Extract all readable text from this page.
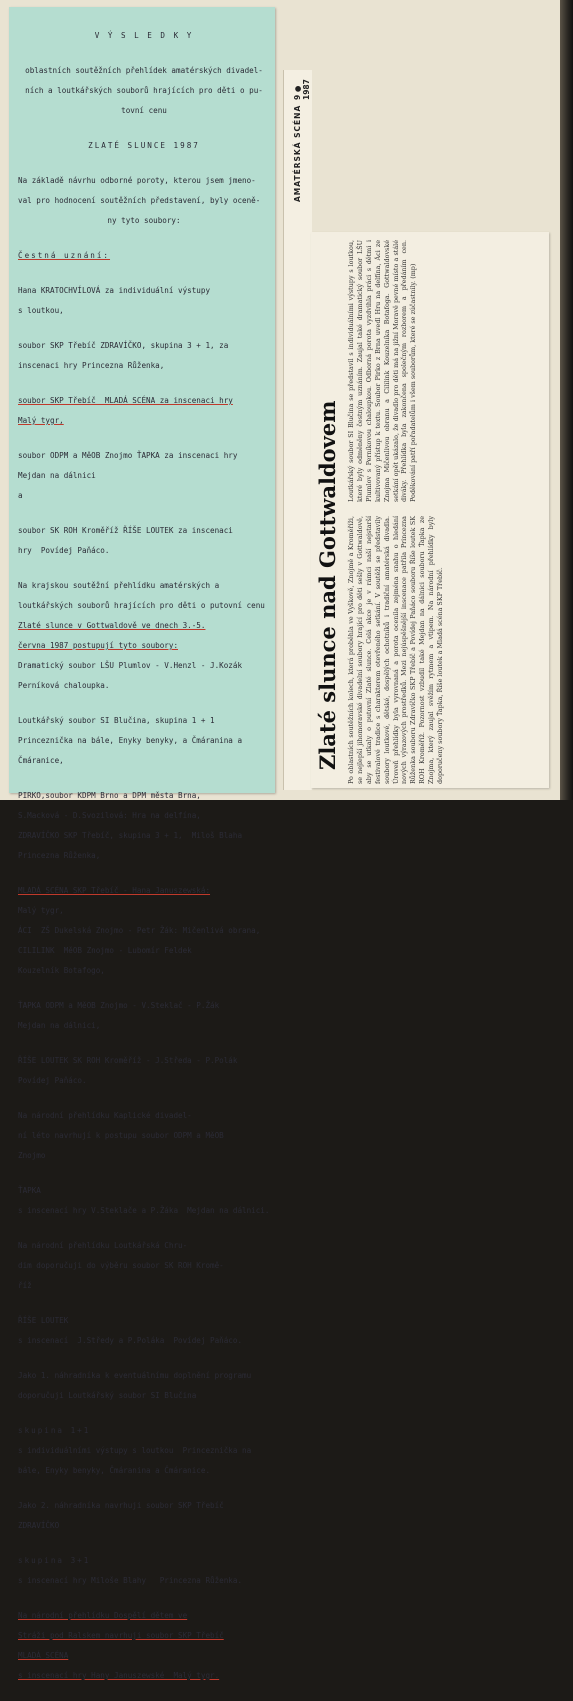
V Ý S L E D K Y

oblastních soutěžních přehlídek amatérských divadel-

ních a loutkářských souborů hrajících pro děti o pu-

tovní cenu

ZLATÉ SLUNCE 1987

Na základě návrhu odborné poroty, kterou jsem jmeno-

val pro hodnocení soutěžních představení, byly oceně-

ny tyto soubory:

Čestná uznání:

Hana KRATOCHVÍLOVÁ za individuální výstupy

s loutkou,

soubor SKP Třebíč ZDRAVÍČKO, skupina 3 + 1, za

inscenaci hry Princezna Růženka,

soubor SKP Třebíč  MLADÁ SCÉNA za inscenaci hry

Malý tygr,

soubor ODPM a MěOB Znojmo ŤAPKA za inscenaci hry

Mejdan na dálnici

a

soubor SK ROH Kroměříž ŘÍŠE LOUTEK za inscenaci

hry  Povídej Paňáco.

Na krajskou soutěžní přehlídku amatérských a

loutkářských souborů hrajících pro děti o putovní cenu

Zlaté slunce v Gottwaldově ve dnech 3.-5.

června 1987 postupují tyto soubory:

Dramatický soubor LŠU Plumlov - V.Henzl - J.Kozák

Perníková chaloupka.

Loutkářský soubor SI Blučina, skupina 1 + 1

Princeznička na bále, Enyky benyky, a Čmáranina a

Čmáranice,

PIRKO,soubor KDPM Brno a DPM města Brna,

S.Macková - D.Svozilová: Hra na delfína,

ZDRAVÍČKO SKP Třebíč, skupina 3 + 1,  Miloš Blaha

Princezna Růženka,

MLADÁ SCÉNA SKP Třebíč - Hana Januszewská:

Malý tygr,

ÁCI  ZŠ Dukelská Znojmo - Petr Žák: Mičenlivá obrana,

CILILINK  MěOB Znojmo - Lubomír Feldek

Kouzelník Botafogo,

ŤAPKA ODPM a MěOB Znojmo - V.Steklač - P.Žák

Mejdan na dálnici,

ŘÍŠE LOUTEK SK ROH Kroměříž - J.Středa - P.Polák

Povídej Paňáco.

Na národní přehlídku Kaplické divadel-

ní léto navrhují k postupu soubor ODPM a MěOB

Znojmo

ŤAPKA

s inscenací hry V.Steklače a P.Žáka  Mejdan na dálnici.

Na národní přehlídku Loutkářská Chru-

dim doporučuji do výběru soubor SK ROH Kromě-

říž

ŘÍŠE LOUTEK

s inscenací  J.Středy a P.Poláka  Povídej Paňáco.

Jako 1. náhradníka k eventuálnímu doplnění programu

doporučuji Loutkářský soubor SI Blučina

skupina 1+1

s individuálními výstupy s loutkou  Princeznička na

bále, Enyky benyky, Čmáranina a Čmáranice.

Jako 2. náhradníka navrhuji soubor SKP Třebíč

ZDRAVÍČKO

skupina 3+1

s inscenací hry Miloše Blahy   Princezna Růženka.

Na národní přehlídku Dospělí dětem ve

Stráži pod Ralskem navrhuji soubor SKP Třebíč

MLADÁ SCÉNA

s inscenací hry Hany Januszewské  Malý tygr.

AMATÉRSKÁ SCÉNA
9 ● 1987
Zlaté slunce nad Gottwaldovem Po oblastních soutěžních kolech, která proběhla ve Vyškově, Znojmě a Kroměříži, se nejlepší jihomoravské divadelní soubory hrající pro děti sešly v Gottwaldově, aby se utkaly o putovní Zlaté slunce. Celá akce je v rámci naší nejstarší festivalové tradice s charakterem otevřeného setkání. V soutěži se představily soubory loutkové, dětské, dospělých ochotníků i tradiční amatérská divadla. Úroveň přehlídky byla vyrovnaná a porota ocenila zejména snahu o hledání nových výrazových prostředků. Mezi nejúspěšnější inscenace patřila Princezna Růženka souboru Zdravíčko SKP Třebíč a Povídej Paňáco souboru Říše loutek SK ROH Kroměříž. Pozornost vzbudil také Mejdan na dálnici souboru Ťapka ze Znojma, který zaujal svěžím rytmem a vtipem. Na národní přehlídky byly doporučeny soubory Ťapka, Říše loutek a Mladá scéna SKP Třebíč.
Loutkářský soubor SI Blučina se představil s individuálními výstupy s loutkou, které byly odměněny čestným uznáním. Zaujal také dramatický soubor LŠU Plumlov s Perníkovou chaloupkou. Odborná porota vyzdvihla práci s dětmi i kultivovaný přístup k textu. Soubor Pirko z Brna uvedl Hru na delfína, Áci ze Znojma Mičenlivou obranu a Cililink Kouzelníka Botafoga. Gottwaldovské setkání opět ukázalo, že divadlo pro děti má na jižní Moravě pevné místo a stálé diváky. Přehlídka byla zakončena společným rozborem a předáním cen. Poděkování patří pořadatelům i všem souborům, které se zúčastnily. (mp)
